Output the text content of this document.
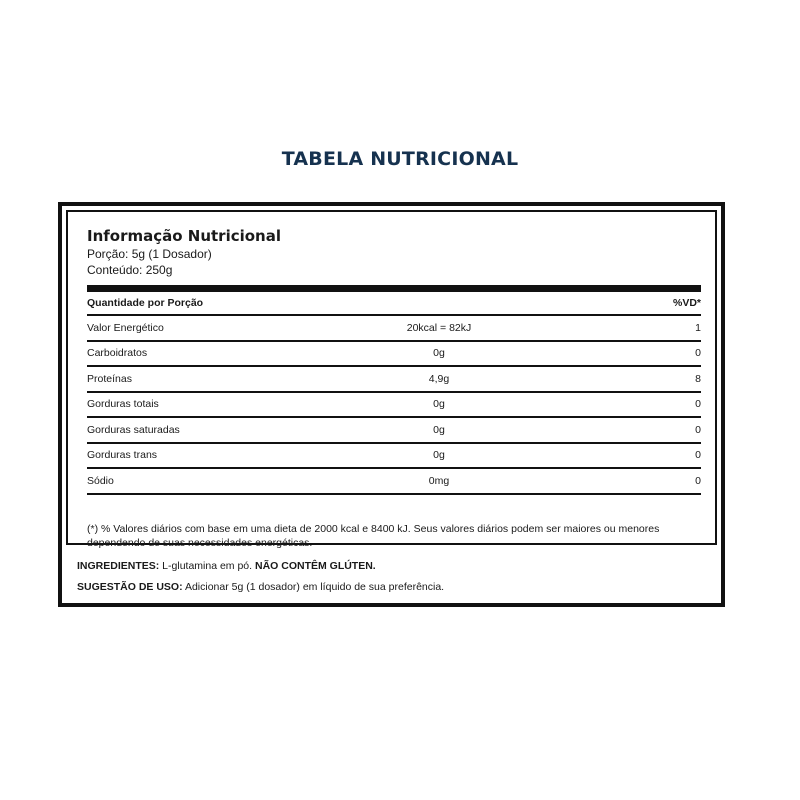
TABELA NUTRICIONAL
Informação Nutricional
Porção: 5g (1 Dosador)
Conteúdo: 250g
Quantidade por Porção	%VD*
Valor Energético	20kcal = 82kJ	1
Carboidratos	0g	0
Proteínas	4,9g	8
Gorduras totais	0g	0
Gorduras saturadas	0g	0
Gorduras trans	0g	0
Sódio	0mg	0
(*) % Valores diários com base em uma dieta de 2000 kcal e 8400 kJ. Seus valores diários podem ser maiores ou menores dependendo de suas necessidades energéticas.
INGREDIENTES: L-glutamina em pó. NÃO CONTÊM GLÚTEN.
SUGESTÃO DE USO: Adicionar 5g (1 dosador) em líquido de sua preferência.
